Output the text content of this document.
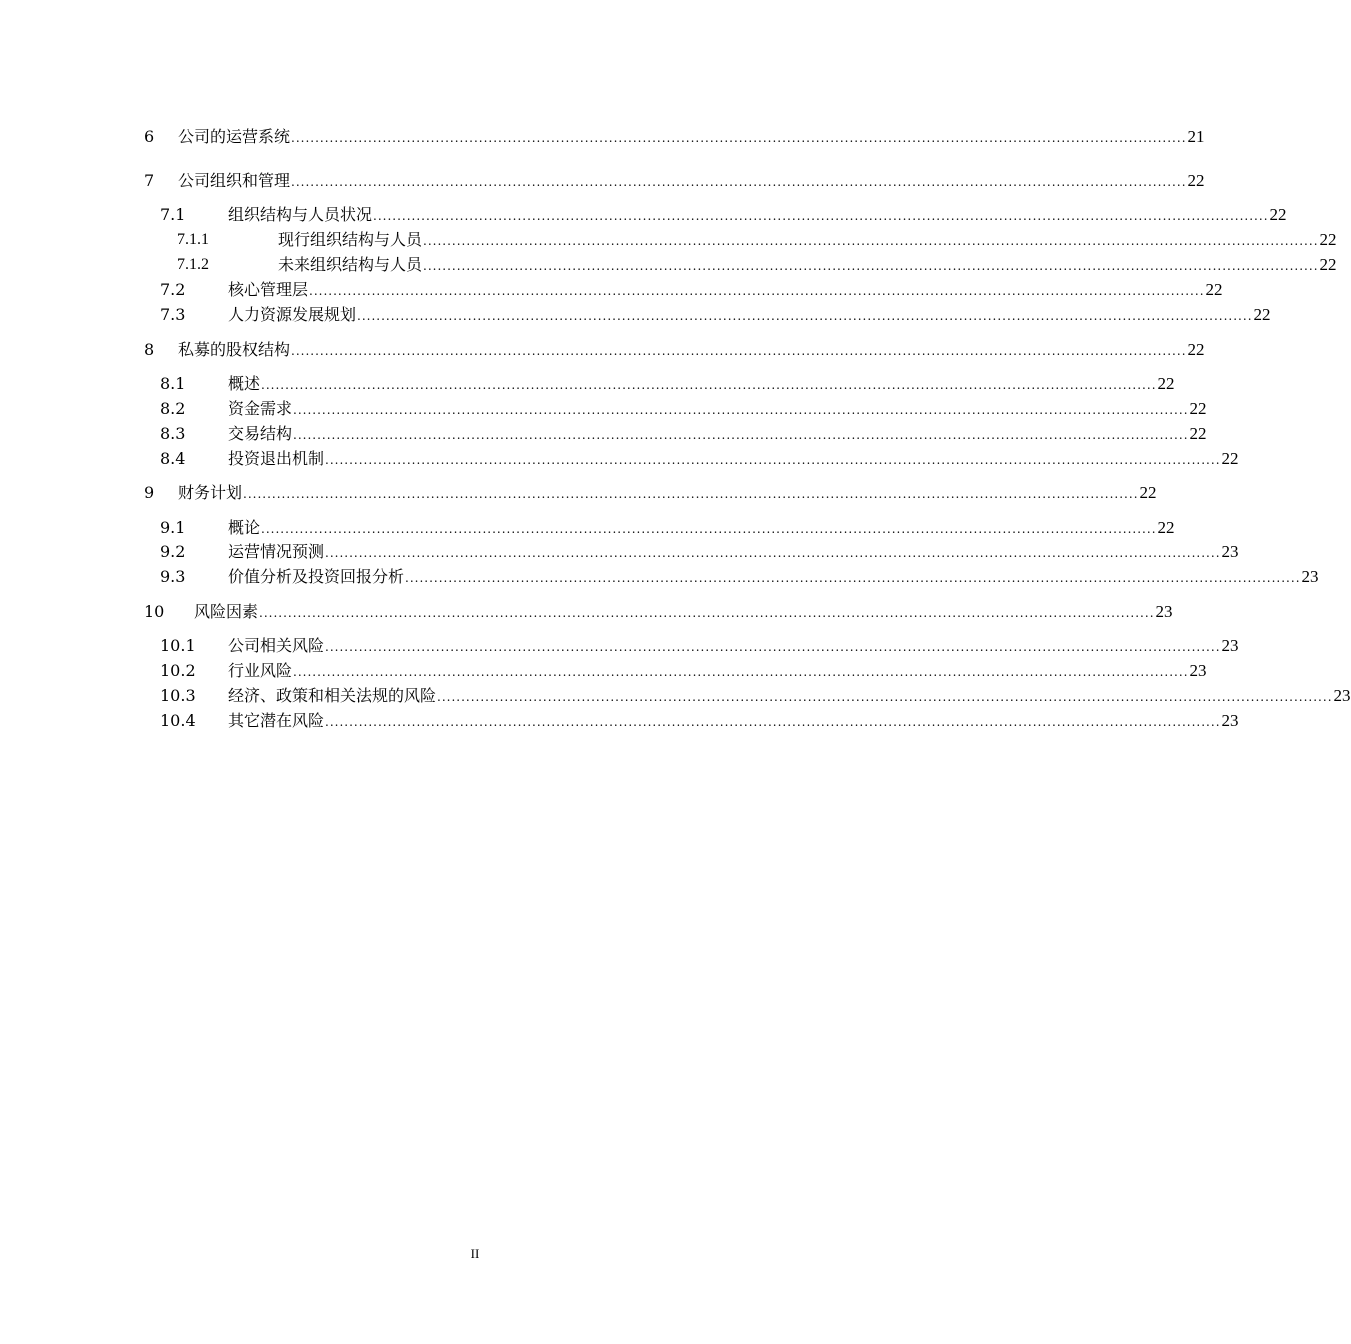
6 公司的运营系统 .......................................................................................................................................................................................... 21
7 公司组织和管理 .......................................................................................................................................................................................... 22
7.1	组织结构与人员状况 .......................................................................................................................................................................................... 22
7.1.1	现行组织结构与人员 .......................................................................................................................................................................................... 22
7.1.2	未来组织结构与人员 .......................................................................................................................................................................................... 22
7.2	核心管理层 .......................................................................................................................................................................................... 22
7.3	人力资源发展规划 .......................................................................................................................................................................................... 22
8 私募的股权结构 .......................................................................................................................................................................................... 22
8.1	概述 .......................................................................................................................................................................................... 22
8.2	资金需求 .......................................................................................................................................................................................... 22
8.3	交易结构 .......................................................................................................................................................................................... 22
8.4	投资退出机制 .......................................................................................................................................................................................... 22
9 财务计划 .......................................................................................................................................................................................... 22
9.1	概论 .......................................................................................................................................................................................... 22
9.2	运营情况预测 .......................................................................................................................................................................................... 23
9.3	价值分析及投资回报分析 .......................................................................................................................................................................................... 23
10 风险因素 .......................................................................................................................................................................................... 23
10.1 公司相关风险 .......................................................................................................................................................................................... 23
10.2 行业风险 .......................................................................................................................................................................................... 23
10.3 经济、政策和相关法规的风险 .......................................................................................................................................................................................... 23
10.4 其它潜在风险 .......................................................................................................................................................................................... 23
II
